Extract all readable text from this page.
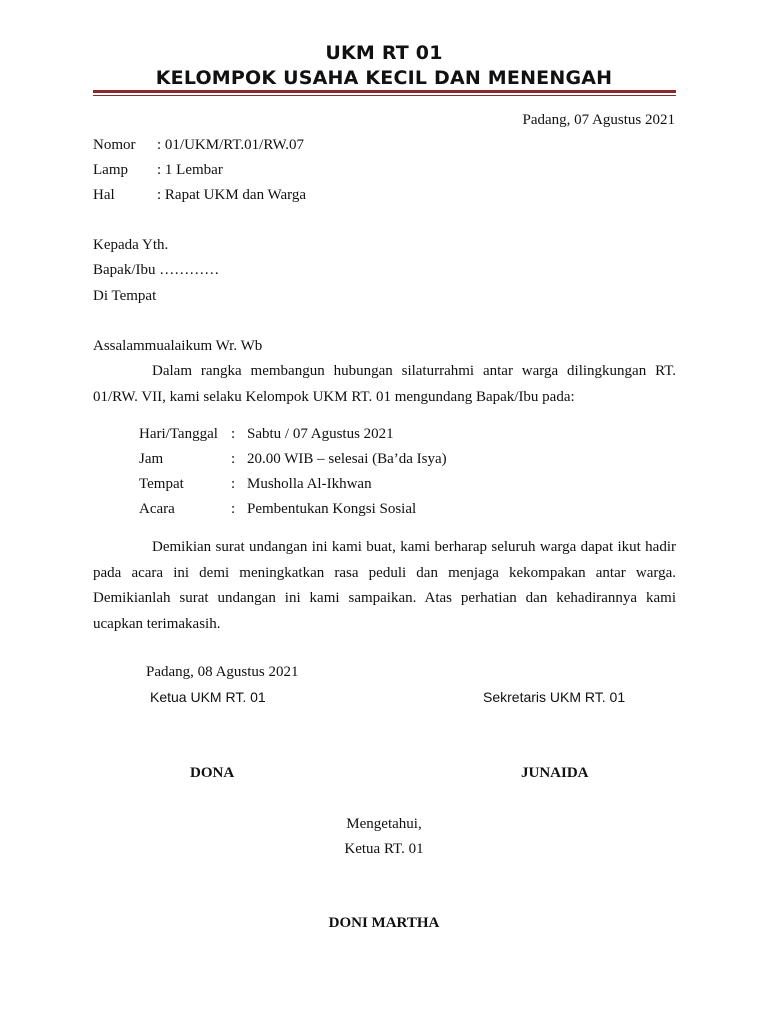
UKM RT 01
KELOMPOK USAHA KECIL DAN MENENGAH
Padang, 07 Agustus 2021
Nomor : 01/UKM/RT.01/RW.07
Lamp : 1 Lembar
Hal	: Rapat UKM dan Warga
Kepada Yth.
Bapak/Ibu …………
Di Tempat
Assalammualaikum Wr. Wb
Dalam rangka membangun hubungan silaturrahmi antar warga dilingkungan RT. 01/RW. VII, kami selaku Kelompok UKM RT. 01 mengundang Bapak/Ibu pada:
Hari/Tanggal : Sabtu / 07 Agustus 2021
Jam	: 20.00 WIB – selesai (Ba’da Isya)
Tempat	: Musholla Al-Ikhwan
Acara	: Pembentukan Kongsi Sosial
Demikian surat undangan ini kami buat, kami berharap seluruh warga dapat ikut hadir pada acara ini demi meningkatkan rasa peduli dan menjaga kekompakan antar warga. Demikianlah surat undangan ini kami sampaikan. Atas perhatian dan kehadirannya kami ucapkan terimakasih.
Padang, 08 Agustus 2021
Ketua UKM RT. 01	Sekretaris UKM RT. 01
DONA	JUNAIDA
Mengetahui,
Ketua RT. 01
DONI MARTHA
